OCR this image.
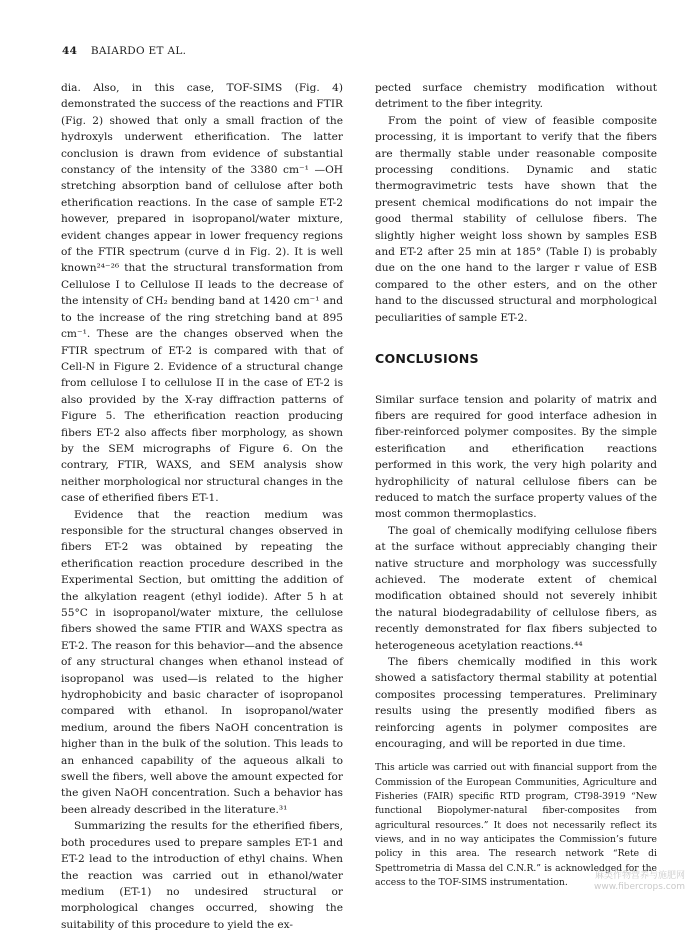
44 BAIARDO ET AL.

dia. Also, in this case, TOF-SIMS (Fig. 4) demonstrated the success of the reactions and FTIR (Fig. 2) showed that only a small fraction of the hydroxyls underwent etherification. The latter conclusion is drawn from evidence of substantial constancy of the intensity of the 3380 cm⁻¹ —OH stretching absorption band of cellulose after both etherification reactions. In the case of sample ET-2 however, prepared in isopropanol/water mixture, evident changes appear in lower frequency regions of the FTIR spectrum (curve d in Fig. 2). It is well known²⁴⁻²⁶ that the structural transformation from Cellulose I to Cellulose II leads to the decrease of the intensity of CH₂ bending band at 1420 cm⁻¹ and to the increase of the ring stretching band at 895 cm⁻¹. These are the changes observed when the FTIR spectrum of ET-2 is compared with that of Cell-N in Figure 2. Evidence of a structural change from cellulose I to cellulose II in the case of ET-2 is also provided by the X-ray diffraction patterns of Figure 5. The etherification reaction producing fibers ET-2 also affects fiber morphology, as shown by the SEM micrographs of Figure 6. On the contrary, FTIR, WAXS, and SEM analysis show neither morphological nor structural changes in the case of etherified fibers ET-1.

Evidence that the reaction medium was responsible for the structural changes observed in fibers ET-2 was obtained by repeating the etherification reaction procedure described in the Experimental Section, but omitting the addition of the alkylation reagent (ethyl iodide). After 5 h at 55°C in isopropanol/water mixture, the cellulose fibers showed the same FTIR and WAXS spectra as ET-2. The reason for this behavior—and the absence of any structural changes when ethanol instead of isopropanol was used—is related to the higher hydrophobicity and basic character of isopropanol compared with ethanol. In isopropanol/water medium, around the fibers NaOH concentration is higher than in the bulk of the solution. This leads to an enhanced capability of the aqueous alkali to swell the fibers, well above the amount expected for the given NaOH concentration. Such a behavior has been already described in the literature.³¹

Summarizing the results for the etherified fibers, both procedures used to prepare samples ET-1 and ET-2 lead to the introduction of ethyl chains. When the reaction was carried out in ethanol/water medium (ET-1) no undesired structural or morphological changes occurred, showing the suitability of this procedure to yield the ex-

pected surface chemistry modification without detriment to the fiber integrity.

From the point of view of feasible composite processing, it is important to verify that the fibers are thermally stable under reasonable composite processing conditions. Dynamic and static thermogravimetric tests have shown that the present chemical modifications do not impair the good thermal stability of cellulose fibers. The slightly higher weight loss shown by samples ESB and ET-2 after 25 min at 185° (Table I) is probably due on the one hand to the larger r value of ESB compared to the other esters, and on the other hand to the discussed structural and morphological peculiarities of sample ET-2.

CONCLUSIONS

Similar surface tension and polarity of matrix and fibers are required for good interface adhesion in fiber-reinforced polymer composites. By the simple esterification and etherification reactions performed in this work, the very high polarity and hydrophilicity of natural cellulose fibers can be reduced to match the surface property values of the most common thermoplastics.

The goal of chemically modifying cellulose fibers at the surface without appreciably changing their native structure and morphology was successfully achieved. The moderate extent of chemical modification obtained should not severely inhibit the natural biodegradability of cellulose fibers, as recently demonstrated for flax fibers subjected to heterogeneous acetylation reactions.⁴⁴

The fibers chemically modified in this work showed a satisfactory thermal stability at potential composites processing temperatures. Preliminary results using the presently modified fibers as reinforcing agents in polymer composites are encouraging, and will be reported in due time.

This article was carried out with financial support from the Commission of the European Communities, Agriculture and Fisheries (FAIR) specific RTD program, CT98-3919 “New functional Biopolymer-natural fiber-composites from agricultural resources.” It does not necessarily reflect its views, and in no way anticipates the Commission’s future policy in this area. The research network “Rete di Spettrometria di Massa del C.N.R.” is acknowledged for the access to the TOF-SIMS instrumentation.

麻类作物营养与施肥网
www.fibercrops.com
